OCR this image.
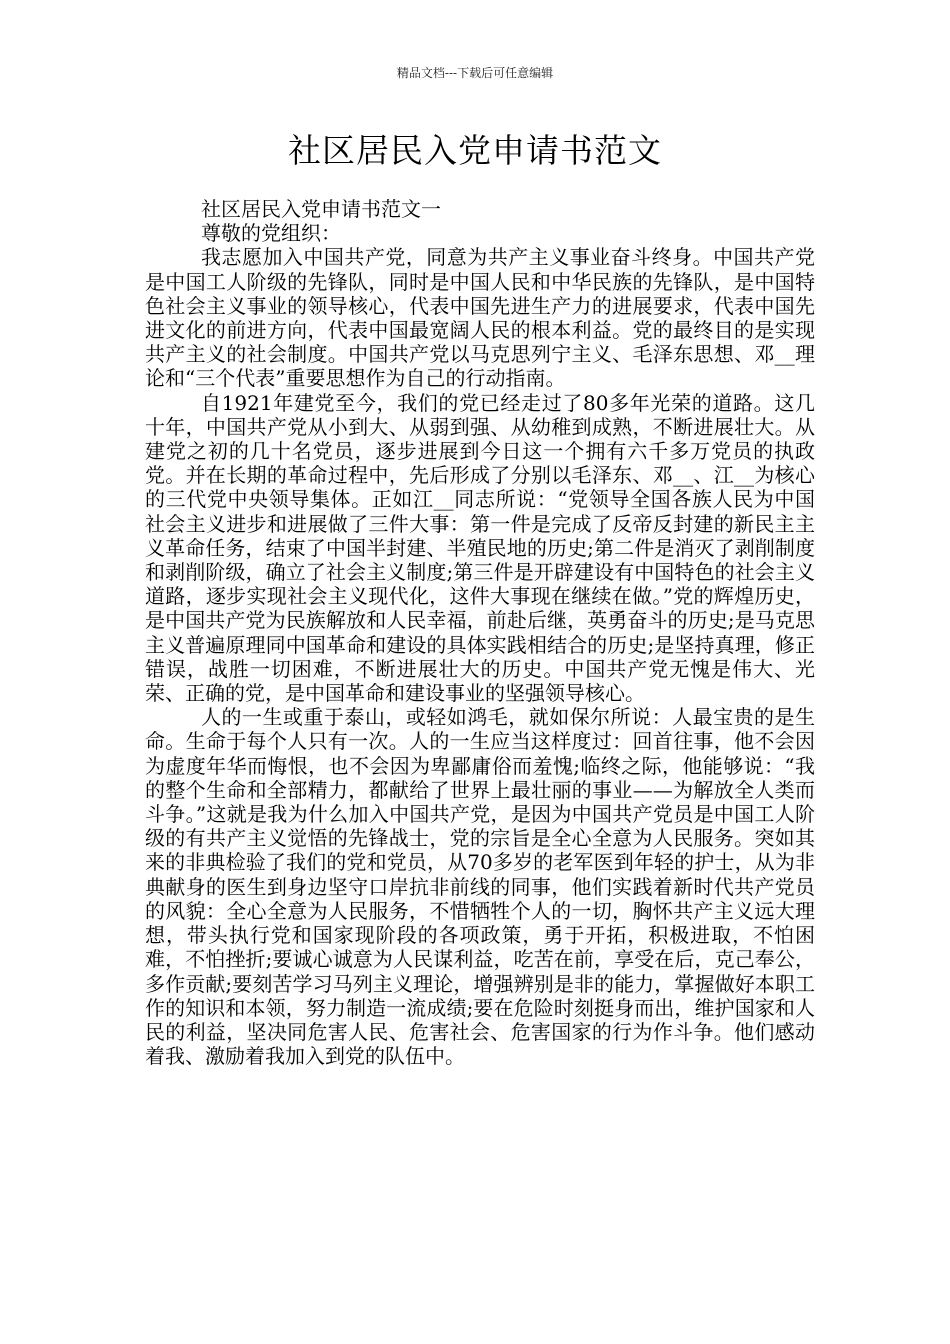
精品文档---下载后可任意编辑
社区居民入党申请书范文

社区居民入党申请书范文一

尊敬的党组织：

我志愿加入中国共产党，同意为共产主义事业奋斗终身。中国共产党是中国工人阶级的先锋队，同时是中国人民和中华民族的先锋队，是中国特色社会主义事业的领导核心，代表中国先进生产力的进展要求，代表中国先进文化的前进方向，代表中国最宽阔人民的根本利益。党的最终目的是实现共产主义的社会制度。中国共产党以马克思列宁主义、毛泽东思想、邓__理论和“三个代表”重要思想作为自己的行动指南。

自1921年建党至今，我们的党已经走过了80多年光荣的道路。这几十年，中国共产党从小到大、从弱到强、从幼稚到成熟，不断进展壮大。从建党之初的几十名党员，逐步进展到今日这一个拥有六千多万党员的执政党。并在长期的革命过程中，先后形成了分别以毛泽东、邓__、江__为核心的三代党中央领导集体。正如江__同志所说：“党领导全国各族人民为中国社会主义进步和进展做了三件大事：第一件是完成了反帝反封建的新民主主义革命任务，结束了中国半封建、半殖民地的历史;第二件是消灭了剥削制度和剥削阶级，确立了社会主义制度;第三件是开辟建设有中国特色的社会主义道路，逐步实现社会主义现代化，这件大事现在继续在做。”党的辉煌历史，是中国共产党为民族解放和人民幸福，前赴后继，英勇奋斗的历史;是马克思主义普遍原理同中国革命和建设的具体实践相结合的历史;是坚持真理，修正错误，战胜一切困难，不断进展壮大的历史。中国共产党无愧是伟大、光荣、正确的党，是中国革命和建设事业的坚强领导核心。

人的一生或重于泰山，或轻如鸿毛，就如保尔所说：人最宝贵的是生命。生命于每个人只有一次。人的一生应当这样度过：回首往事，他不会因为虚度年华而悔恨，也不会因为卑鄙庸俗而羞愧;临终之际，他能够说：“我的整个生命和全部精力，都献给了世界上最壮丽的事业——为解放全人类而斗争。”这就是我为什么加入中国共产党，是因为中国共产党员是中国工人阶级的有共产主义觉悟的先锋战士，党的宗旨是全心全意为人民服务。突如其来的非典检验了我们的党和党员，从70多岁的老军医到年轻的护士，从为非典献身的医生到身边坚守口岸抗非前线的同事，他们实践着新时代共产党员的风貌：全心全意为人民服务，不惜牺牲个人的一切，胸怀共产主义远大理想，带头执行党和国家现阶段的各项政策，勇于开拓，积极进取，不怕困难，不怕挫折;要诚心诚意为人民谋利益，吃苦在前，享受在后，克己奉公，多作贡献;要刻苦学习马列主义理论，增强辨别是非的能力，掌握做好本职工作的知识和本领，努力制造一流成绩;要在危险时刻挺身而出，维护国家和人民的利益，坚决同危害人民、危害社会、危害国家的行为作斗争。他们感动着我、激励着我加入到党的队伍中。
